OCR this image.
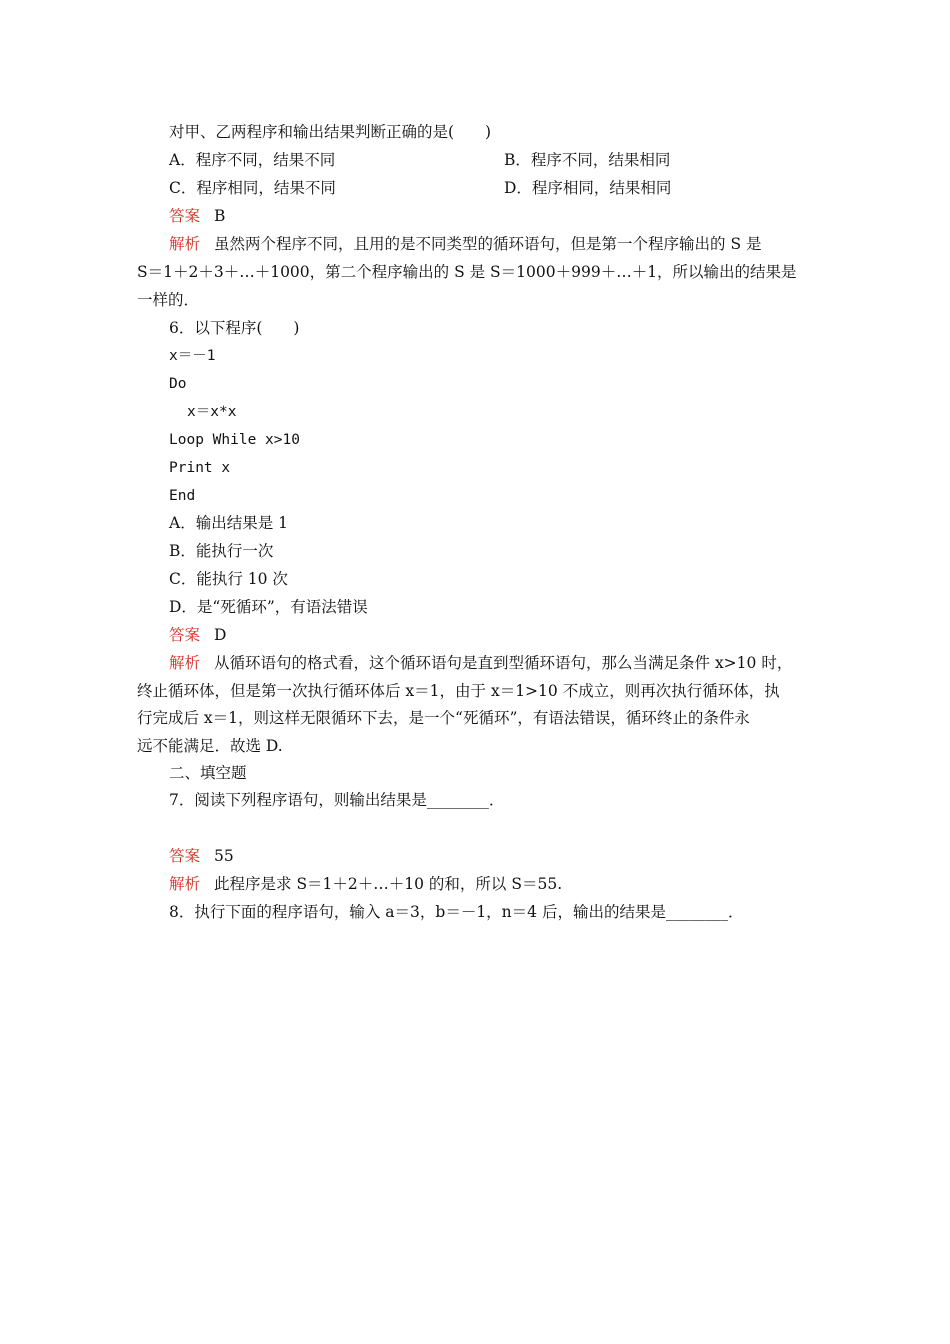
对甲、乙两程序和输出结果判断正确的是(　　)
A．程序不同，结果不同	B．程序不同，结果相同
C．程序相同，结果不同	D．程序相同，结果相同
答案 B
解析 虽然两个程序不同，且用的是不同类型的循环语句，但是第一个程序输出的 S 是
S＝1＋2＋3＋…＋1000，第二个程序输出的 S 是 S＝1000＋999＋…＋1，所以输出的结果是
一样的．
6．以下程序(　　)
x＝－1
Do
x＝x*x
Loop While x>10
Print x
End
A．输出结果是 1
B．能执行一次
C．能执行 10 次
D．是“死循环”，有语法错误
答案 D
解析 从循环语句的格式看，这个循环语句是直到型循环语句，那么当满足条件 x>10 时，
终止循环体，但是第一次执行循环体后 x＝1，由于 x＝1>10 不成立，则再次执行循环体，执
行完成后 x＝1，则这样无限循环下去，是一个“死循环”，有语法错误，循环终止的条件永
远不能满足．故选 D.
二、填空题
7．阅读下列程序语句，则输出结果是________．
答案 55
解析 此程序是求 S＝1＋2＋…＋10 的和，所以 S＝55.
8．执行下面的程序语句，输入 a＝3，b＝－1，n＝4 后，输出的结果是________．
